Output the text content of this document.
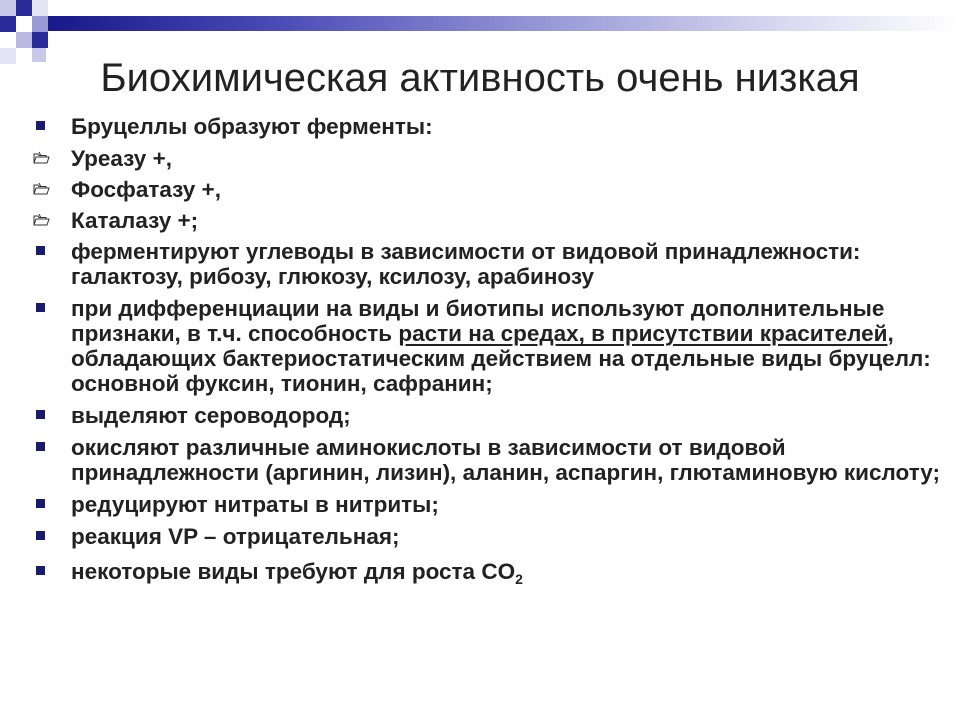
Биохимическая активность очень низкая
Бруцеллы образуют ферменты:
Уреазу +,
Фосфатазу +,
Каталазу +;
ферментируют углеводы в зависимости от видовой принадлежности: галактозу, рибозу, глюкозу, ксилозу, арабинозу
при дифференциации на виды и биотипы используют дополнительные признаки, в т.ч. способность расти на средах, в присутствии красителей, обладающих бактериостатическим действием на отдельные виды бруцелл: основной фуксин, тионин, сафранин;
выделяют сероводород;
окисляют различные аминокислоты в зависимости от видовой принадлежности (аргинин, лизин), аланин, аспаргин, глютаминовую кислоту;
редуцируют нитраты в нитриты;
реакция VP – отрицательная;
некоторые виды требуют для роста $CO_2$
